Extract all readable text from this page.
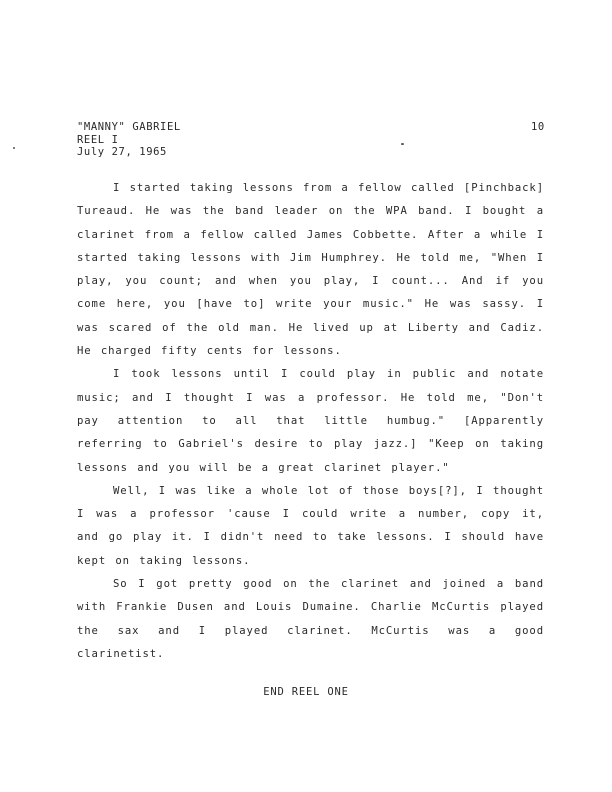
"MANNY" GABRIEL
REEL I
July 27, 1965
10

I started taking lessons from a fellow called [Pinchback] Tureaud. He was the band leader on the WPA band. I bought a clarinet from a fellow called James Cobbette. After a while I started taking lessons with Jim Humphrey. He told me, "When I play, you count; and when you play, I count... And if you come here, you [have to] write your music." He was sassy. I was scared of the old man. He lived up at Liberty and Cadiz. He charged fifty cents for lessons.

I took lessons until I could play in public and notate music; and I thought I was a professor. He told me, "Don't pay attention to all that little humbug." [Apparently referring to Gabriel's desire to play jazz.] "Keep on taking lessons and you will be a great clarinet player."

Well, I was like a whole lot of those boys[?], I thought I was a professor 'cause I could write a number, copy it, and go play it. I didn't need to take lessons. I should have kept on taking lessons.

So I got pretty good on the clarinet and joined a band with Frankie Dusen and Louis Dumaine. Charlie McCurtis played the sax and I played clarinet. McCurtis was a good clarinetist.

END REEL ONE
